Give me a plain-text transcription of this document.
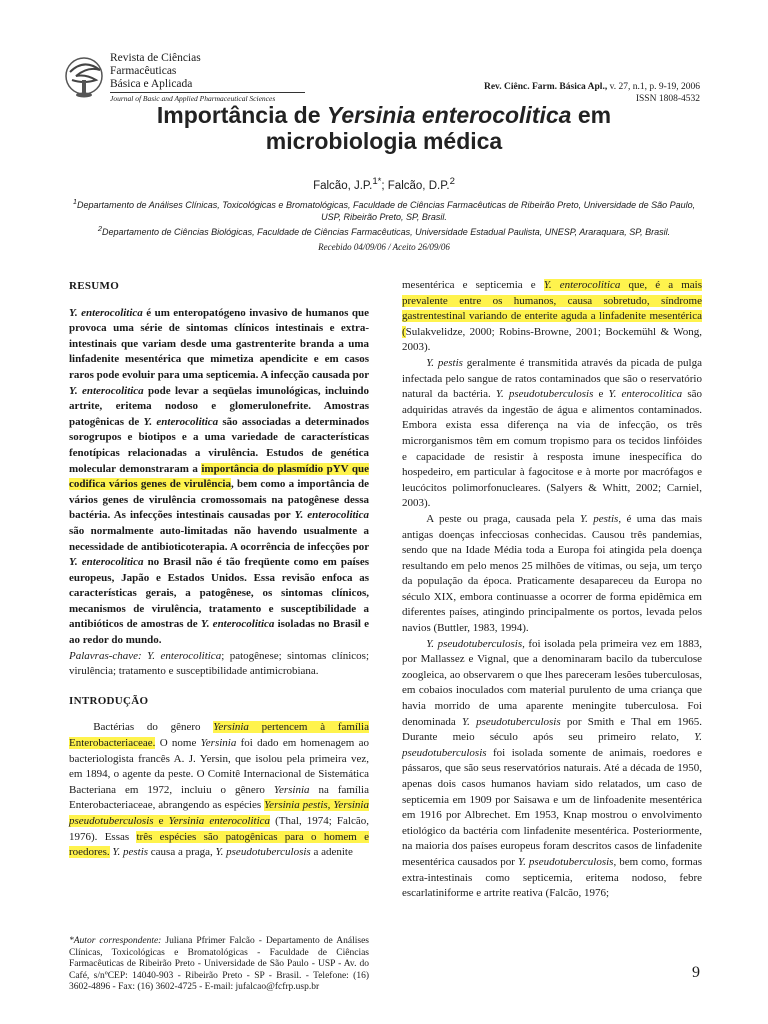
Revista de Ciências
Farmacêuticas
Básica e Aplicada
Journal of Basic and Applied Pharmaceutical Sciences
Rev. Ciênc. Farm. Básica Apl., v. 27, n.1, p. 9-19, 2006
ISSN 1808-4532
Importância de Yersinia enterocolitica em
microbiologia médica
Falcão, J.P.$^{1*}$; Falcão, D.P.$^2$
$^1$Departamento de Análises Clínicas, Toxicológicas e Bromatológicas, Faculdade de Ciências Farmacêuticas de Ribeirão Preto, Universidade de São Paulo, USP, Ribeirão Preto, SP, Brasil.
$^2$Departamento de Ciências Biológicas, Faculdade de Ciências Farmacêuticas, Universidade Estadual Paulista, UNESP, Araraquara, SP, Brasil.
Recebido 04/09/06 / Aceito 26/09/06
RESUMO

Y. enterocolitica é um enteropatógeno invasivo de humanos que provoca uma série de sintomas clínicos intestinais e extra-intestinais que variam desde uma gastrenterite branda a uma linfadenite mesentérica que mimetiza apendicite e em casos raros pode evoluir para uma septicemia. A infecção causada por Y. enterocolitica pode levar a seqüelas imunológicas, incluindo artrite, eritema nodoso e glomerulonefrite. Amostras patogênicas de Y. enterocolitica são associadas a determinados sorogrupos e biotipos e a uma variedade de características fenotípicas relacionadas a virulência. Estudos de genética molecular demonstraram a importância do plasmídio pYV que codifica vários genes de virulência, bem como a importância de vários genes de virulência cromossomais na patogênese dessa bactéria. As infecções intestinais causadas por Y. enterocolitica são normalmente auto-limitadas não havendo usualmente a necessidade de antibioticoterapia. A ocorrência de infecções por Y. enterocolitica no Brasil não é tão freqüente como em países europeus, Japão e Estados Unidos. Essa revisão enfoca as características gerais, a patogênese, os sintomas clínicos, mecanismos de virulência, tratamento e susceptibilidade a antibióticos de amostras de Y. enterocolitica isoladas no Brasil e ao redor do mundo.

Palavras-chave: Y. enterocolitica; patogênese; sintomas clínicos; virulência; tratamento e susceptibilidade antimicrobiana.

INTRODUÇÃO

Bactérias do gênero Yersinia pertencem à família Enterobacteriaceae. O nome Yersinia foi dado em homenagem ao bacteriologista francês A. J. Yersin, que isolou pela primeira vez, em 1894, o agente da peste. O Comitê Internacional de Sistemática Bacteriana em 1972, incluiu o gênero Yersinia na família Enterobacteriaceae, abrangendo as espécies Yersinia pestis, Yersinia pseudotuberculosis e Yersinia enterocolitica (Thal, 1974; Falcão, 1976). Essas três espécies são patogênicas para o homem e roedores. Y. pestis causa a praga, Y. pseudotuberculosis a adenite

mesentérica e septicemia e Y. enterocolitica que, é a mais prevalente entre os humanos, causa sobretudo, síndrome gastrentestinal variando de enterite aguda a linfadenite mesentérica (Sulakvelidze, 2000; Robins-Browne, 2001; Bockemühl & Wong, 2003).

Y. pestis geralmente é transmitida através da picada de pulga infectada pelo sangue de ratos contaminados que são o reservatório natural da bactéria. Y. pseudotuberculosis e Y. enterocolitica são adquiridas através da ingestão de água e alimentos contaminados. Embora exista essa diferença na via de infecção, os três microrganismos têm em comum tropismo para os tecidos linfóides e capacidade de resistir à resposta imune inespecífica do hospedeiro, em particular à fagocitose e à morte por macrófagos e leucócitos polimorfonucleares. (Salyers & Whitt, 2002; Carniel, 2003).

A peste ou praga, causada pela Y. pestis, é uma das mais antigas doenças infecciosas conhecidas. Causou três pandemias, sendo que na Idade Média toda a Europa foi atingida pela doença resultando em pelo menos 25 milhões de vítimas, ou seja, um terço da população da época. Praticamente desapareceu da Europa no século XIX, embora continuasse a ocorrer de forma epidêmica em diferentes países, atingindo principalmente os portos, levada pelos navios (Buttler, 1983, 1994).

Y. pseudotuberculosis, foi isolada pela primeira vez em 1883, por Mallassez e Vignal, que a denominaram bacilo da tuberculose zoogleica, ao observarem o que lhes pareceram lesões tuberculosas, em cobaios inoculados com material purulento de uma criança que havia morrido de uma aparente meningite tuberculosa. Foi denominada Y. pseudotuberculosis por Smith e Thal em 1965. Durante meio século após seu primeiro relato, Y. pseudotuberculosis foi isolada somente de animais, roedores e pássaros, que são seus reservatórios naturais. Até a década de 1950, apenas dois casos humanos haviam sido relatados, um caso de septicemia em 1909 por Saisawa e um de linfoadenite mesentérica em 1916 por Albrechet. Em 1953, Knap mostrou o envolvimento etiológico da bactéria com linfadenite mesentérica. Posteriormente, na maioria dos países europeus foram descritos casos de linfadenite mesentérica causados por Y. pseudotuberculosis, bem como, formas extra-intestinais como septicemia, eritema nodoso, febre escarlatiniforme e artrite reativa (Falcão, 1976;

*Autor correspondente: Juliana Pfrimer Falcão - Departamento de Análises Clínicas, Toxicológicas e Bromatológicas - Faculdade de Ciências Farmacêuticas de Ribeirão Preto - Universidade de São Paulo - USP - Av. do Café, s/nºCEP: 14040-903 - Ribeirão Preto - SP - Brasil. - Telefone: (16) 3602-4896 - Fax: (16) 3602-4725 - E-mail: jufalcao@fcfrp.usp.br
9
